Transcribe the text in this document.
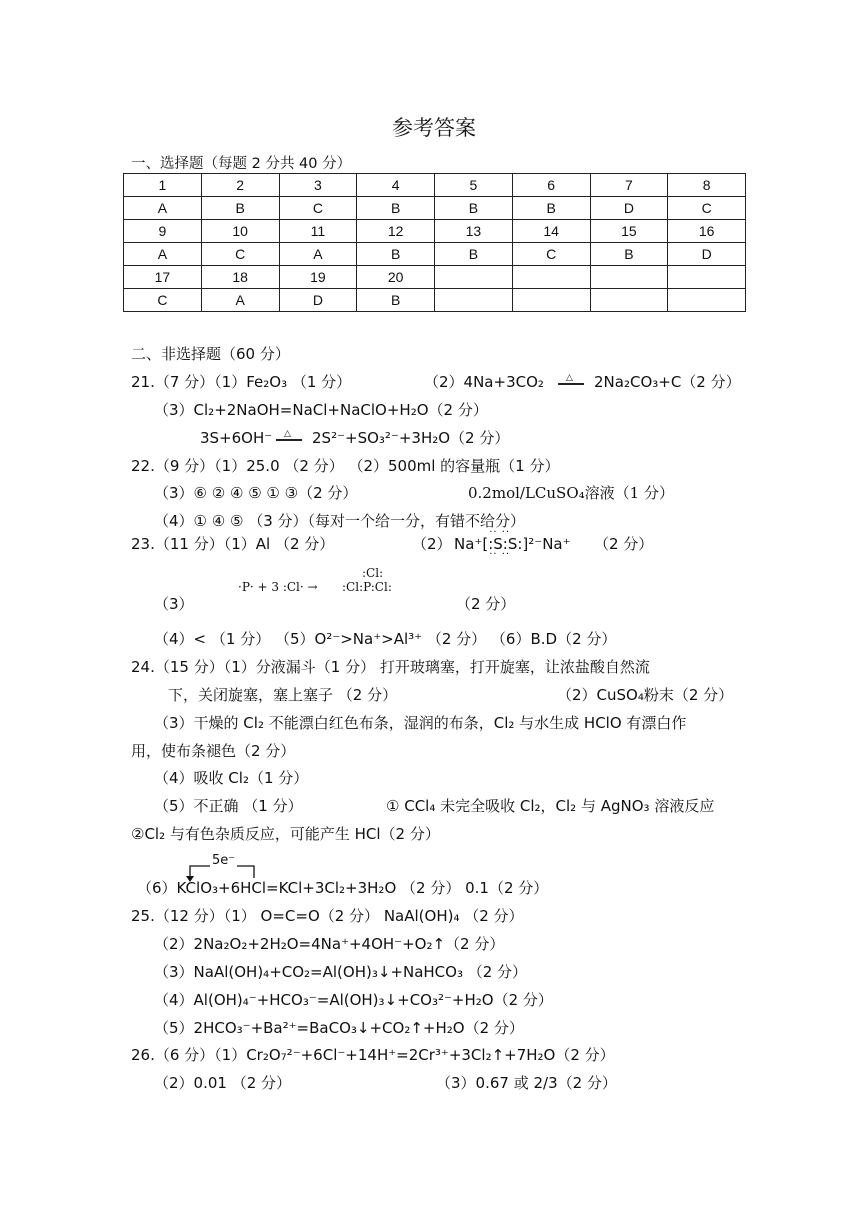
参考答案
一、选择题（每题 2 分共 40 分）
1	2	3	4	5	6	7	8
A	B	C	B	B	B	D	C
9	10	11	12	13	14	15	16
A	C	A	B	B	C	B	D
17	18	19	20				
C	A	D	B				
二、非选择题（60 分）
21.（7 分）（1）Fe₂O₃ （1 分）	（2）4Na+3CO₂ △ 2Na₂CO₃+C（2 分）
（3）Cl₂+2NaOH=NaCl+NaClO+H₂O（2 分）
3S+6OH⁻ △ 2S²⁻+SO₃²⁻+3H₂O（2 分）
22.（9 分）（1）25.0 （2 分） （2）500ml 的容量瓶（1 分）
（3）⑥ ② ④ ⑤ ① ③（2 分）	0.2mol/LCuSO₄溶液（1 分）
（4）① ④ ⑤ （3 分）（每对一个给一分，有错不给分）
23.（11 分）（1）Al （2 分）	（2） Na⁺[·· ·· :S:S: ·· ··]²⁻Na⁺ （2 分）
·P· + 3 :Cl· →
:Cl:
:Cl:P:Cl:
（3）	（2 分）
（4）< （1 分） （5）O²⁻>Na⁺>Al³⁺ （2 分） （6）B.D（2 分）
24.（15 分）（1）分液漏斗（1 分） 打开玻璃塞，打开旋塞，让浓盐酸自然流
下，关闭旋塞，塞上塞子 （2 分）	（2）CuSO₄粉末（2 分）
（3）干燥的 Cl₂ 不能漂白红色布条，湿润的布条，Cl₂ 与水生成 HClO 有漂白作
用，使布条褪色（2 分）
（4）吸收 Cl₂（1 分）
（5）不正确 （1 分）	① CCl₄ 未完全吸收 Cl₂，Cl₂ 与 AgNO₃ 溶液反应
②Cl₂ 与有色杂质反应，可能产生 HCl（2 分）
5e⁻
（6）KClO₃+6HCl=KCl+3Cl₂+3H₂O （2 分） 0.1（2 分）
25.（12 分）（1） O=C=O（2 分） NaAl(OH)₄ （2 分）
（2）2Na₂O₂+2H₂O=4Na⁺+4OH⁻+O₂↑（2 分）
（3）NaAl(OH)₄+CO₂=Al(OH)₃↓+NaHCO₃ （2 分）
（4）Al(OH)₄⁻+HCO₃⁻=Al(OH)₃↓+CO₃²⁻+H₂O（2 分）
（5）2HCO₃⁻+Ba²⁺=BaCO₃↓+CO₂↑+H₂O（2 分）
26.（6 分）（1）Cr₂O₇²⁻+6Cl⁻+14H⁺=2Cr³⁺+3Cl₂↑+7H₂O（2 分）
（2）0.01 （2 分）	（3）0.67 或 2/3（2 分）
